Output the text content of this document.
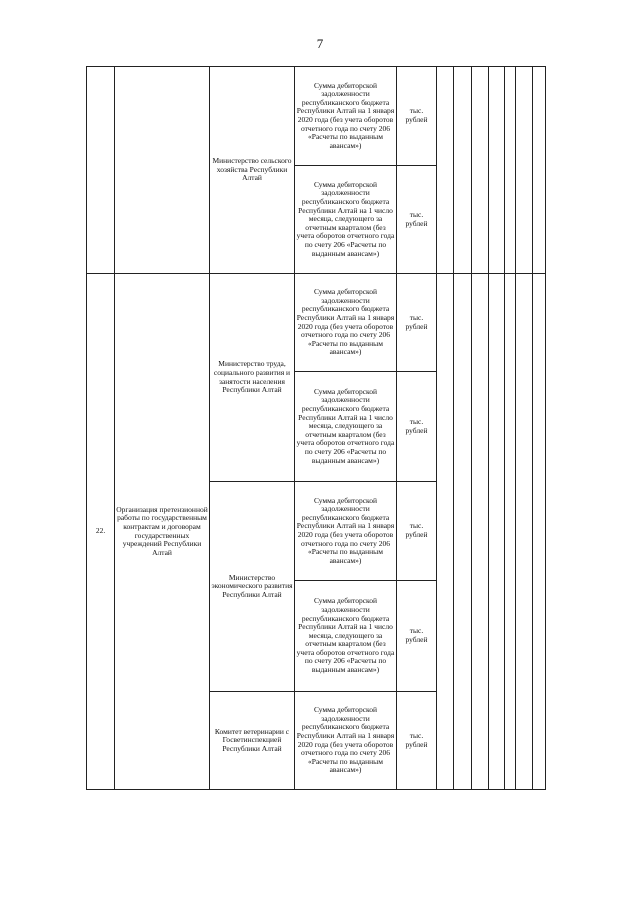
7
		Министерство сельского хозяйства Республики Алтай	Сумма дебиторской задолженности республиканского бюджета Республики Алтай на 1 января 2020 года (без учета оборотов отчетного года по счету 206 «Расчеты по выданным авансам»)	тыс. рублей							
			Сумма дебиторской задолженности республиканского бюджета Республики Алтай на 1 число месяца, следующего за отчетным кварталом (без учета оборотов отчетного года по счету 206 «Расчеты по выданным авансам»)	тыс. рублей							
22.	Организация претензионной работы по государственным контрактам и договорам государственных учреждений Республики Алтай	Министерство труда, социального развития и занятости населения Республики Алтай	Сумма дебиторской задолженности республиканского бюджета Республики Алтай на 1 января 2020 года (без учета оборотов отчетного года по счету 206 «Расчеты по выданным авансам»)	тыс. рублей							
			Сумма дебиторской задолженности республиканского бюджета Республики Алтай на 1 число месяца, следующего за отчетным кварталом (без учета оборотов отчетного года по счету 206 «Расчеты по выданным авансам»)	тыс. рублей							
		Министерство экономического развития Республики Алтай	Сумма дебиторской задолженности республиканского бюджета Республики Алтай на 1 января 2020 года (без учета оборотов отчетного года по счету 206 «Расчеты по выданным авансам»)	тыс. рублей							
			Сумма дебиторской задолженности республиканского бюджета Республики Алтай на 1 число месяца, следующего за отчетным кварталом (без учета оборотов отчетного года по счету 206 «Расчеты по выданным авансам»)	тыс. рублей							
		Комитет ветеринарии с Госветинспекцией Республики Алтай	Сумма дебиторской задолженности республиканского бюджета Республики Алтай на 1 января 2020 года (без учета оборотов отчетного года по счету 206 «Расчеты по выданным авансам»)	тыс. рублей							
